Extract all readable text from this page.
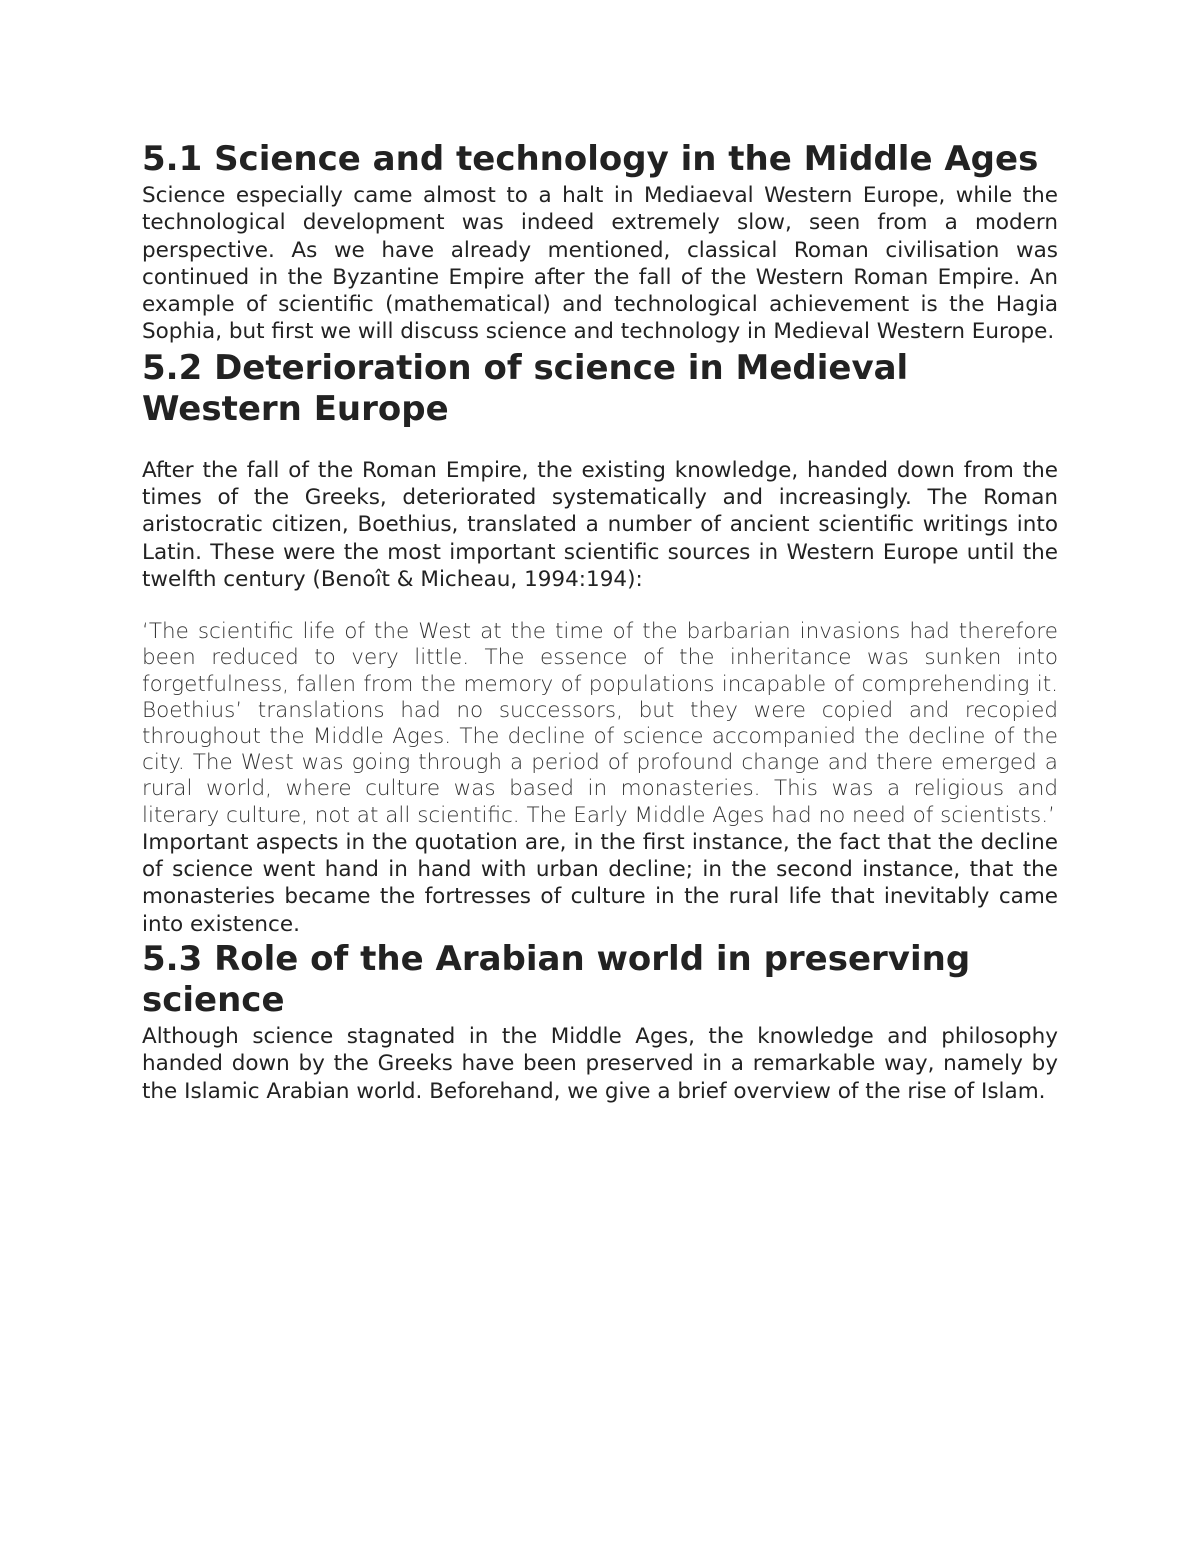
5.1 Science and technology in the Middle Ages

Science especially came almost to a halt in Mediaeval Western Europe, while the technological development was indeed extremely slow, seen from a modern perspective. As we have already mentioned, classical Roman civilisation was continued in the Byzantine Empire after the fall of the Western Roman Empire. An example of scientific (mathematical) and technological achievement is the Hagia Sophia, but first we will discuss science and technology in Medieval Western Europe.

5.2 Deterioration of science in Medieval Western Europe

After the fall of the Roman Empire, the existing knowledge, handed down from the times of the Greeks, deteriorated systematically and increasingly. The Roman aristocratic citizen, Boethius, translated a number of ancient scientific writings into Latin. These were the most important scientific sources in Western Europe until the twelfth century (Benoît & Micheau, 1994:194):

‘The scientific life of the West at the time of the barbarian invasions had therefore been reduced to very little. The essence of the inheritance was sunken into forgetfulness, fallen from the memory of populations incapable of comprehending it. Boethius’ translations had no successors, but they were copied and recopied throughout the Middle Ages. The decline of science accompanied the decline of the city. The West was going through a period of profound change and there emerged a rural world, where culture was based in monasteries. This was a religious and literary culture, not at all scientific. The Early Middle Ages had no need of scientists.’

Important aspects in the quotation are, in the first instance, the fact that the decline of science went hand in hand with urban decline; in the second instance, that the monasteries became the fortresses of culture in the rural life that inevitably came into existence.

5.3 Role of the Arabian world in preserving science

Although science stagnated in the Middle Ages, the knowledge and philosophy handed down by the Greeks have been preserved in a remarkable way, namely by the Islamic Arabian world. Beforehand, we give a brief overview of the rise of Islam.
